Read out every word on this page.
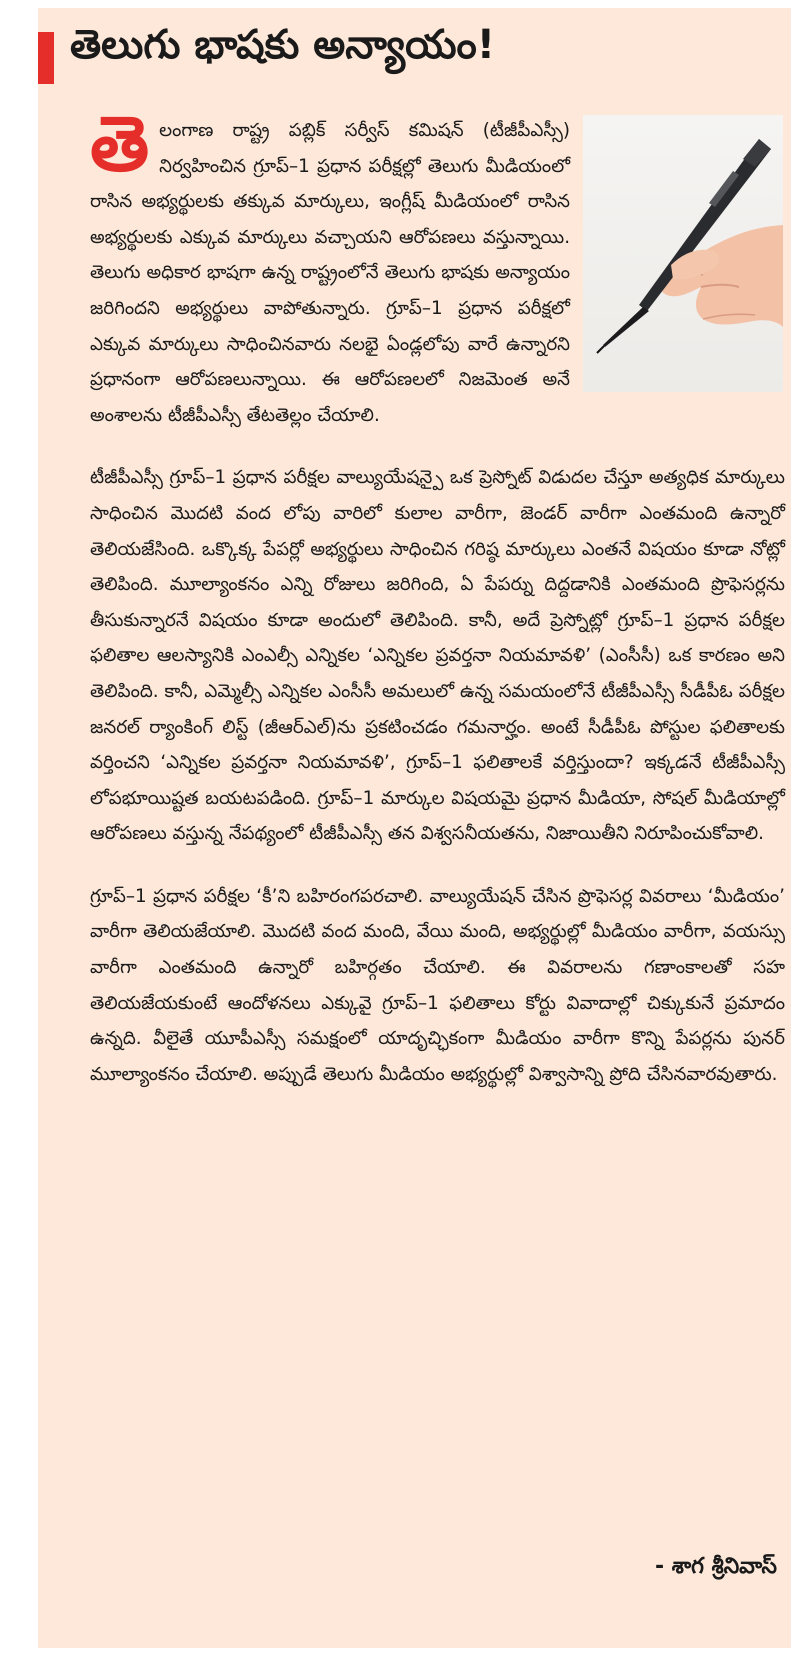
తెలుగు భాషకు అన్యాయం!

తెలంగాణ రాష్ట్ర పబ్లిక్ సర్వీస్ కమిషన్ (టీజీపీఎస్సీ) నిర్వహించిన గ్రూప్–1 ప్రధాన పరీక్షల్లో తెలుగు మీడియంలో రాసిన అభ్యర్థులకు తక్కువ మార్కులు, ఇంగ్లీష్ మీడియంలో రాసిన అభ్యర్థులకు ఎక్కువ మార్కులు వచ్చాయని ఆరోపణలు వస్తున్నాయి. తెలుగు అధికార భాషగా ఉన్న రాష్ట్రంలోనే తెలుగు భాషకు అన్యాయం జరిగిందని అభ్యర్థులు వాపోతున్నారు. గ్రూప్–1 ప్రధాన పరీక్షలో ఎక్కువ మార్కులు సాధించినవారు నలభై ఏండ్లలోపు వారే ఉన్నారని ప్రధానంగా ఆరోపణలున్నాయి. ఈ ఆరోపణలలో నిజమెంత అనే అంశాలను టీజీపీఎస్సీ తేటతెల్లం చేయాలి.

టీజీపీఎస్సీ గ్రూప్–1 ప్రధాన పరీక్షల వాల్యుయేషన్పై ఒక ప్రెస్నోట్ విడుదల చేస్తూ అత్యధిక మార్కులు సాధించిన మొదటి వంద లోపు వారిలో కులాల వారీగా, జెండర్ వారీగా ఎంతమంది ఉన్నారో తెలియజేసింది. ఒక్కొక్క పేపర్లో అభ్యర్థులు సాధించిన గరిష్ఠ మార్కులు ఎంతనే విషయం కూడా నోట్లో తెలిపింది. మూల్యాంకనం ఎన్ని రోజులు జరిగింది, ఏ పేపర్ను దిద్దడానికి ఎంతమంది ప్రొఫెసర్లను తీసుకున్నారనే విషయం కూడా అందులో తెలిపింది. కానీ, అదే ప్రెస్నోట్లో గ్రూప్–1 ప్రధాన పరీక్షల ఫలితాల ఆలస్యానికి ఎంఎల్సీ ఎన్నికల ‘ఎన్నికల ప్రవర్తనా నియమావళి’ (ఎంసీసీ) ఒక కారణం అని తెలిపింది. కానీ, ఎమ్మెల్సీ ఎన్నికల ఎంసీసీ అమలులో ఉన్న సమయంలోనే టీజీపీఎస్సీ సీడీపీఓ పరీక్షల జనరల్ ర్యాంకింగ్ లిస్ట్ (జీఆర్ఎల్)ను ప్రకటించడం గమనార్హం. అంటే సీడీపీఓ పోస్టుల ఫలితాలకు వర్తించని ‘ఎన్నికల ప్రవర్తనా నియమావళి’, గ్రూప్–1 ఫలితాలకే వర్తిస్తుందా? ఇక్కడనే టీజీపీఎస్సీ లోపభూయిష్టత బయటపడింది. గ్రూప్–1 మార్కుల విషయమై ప్రధాన మీడియా, సోషల్ మీడియాల్లో ఆరోపణలు వస్తున్న నేపథ్యంలో టీజీపీఎస్సీ తన విశ్వసనీయతను, నిజాయితీని నిరూపించుకోవాలి.

గ్రూప్–1 ప్రధాన పరీక్షల ‘కీ’ని బహిరంగపరచాలి. వాల్యుయేషన్ చేసిన ప్రొఫెసర్ల వివరాలు ‘మీడియం’ వారీగా తెలియజేయాలి. మొదటి వంద మంది, వేయి మంది, అభ్యర్థుల్లో మీడియం వారీగా, వయస్సు వారీగా ఎంతమంది ఉన్నారో బహిర్గతం చేయాలి. ఈ వివరాలను గణాంకాలతో సహ తెలియజేయకుంటే ఆందోళనలు ఎక్కువై గ్రూప్–1 ఫలితాలు కోర్టు వివాదాల్లో చిక్కుకునే ప్రమాదం ఉన్నది. వీలైతే యూపీఎస్సీ సమక్షంలో యాదృచ్ఛికంగా మీడియం వారీగా కొన్ని పేపర్లను పునర్ మూల్యాంకనం చేయాలి. అప్పుడే తెలుగు మీడియం అభ్యర్థుల్లో విశ్వాసాన్ని ప్రోది చేసినవారవుతారు.

- శాగ శ్రీనివాస్
